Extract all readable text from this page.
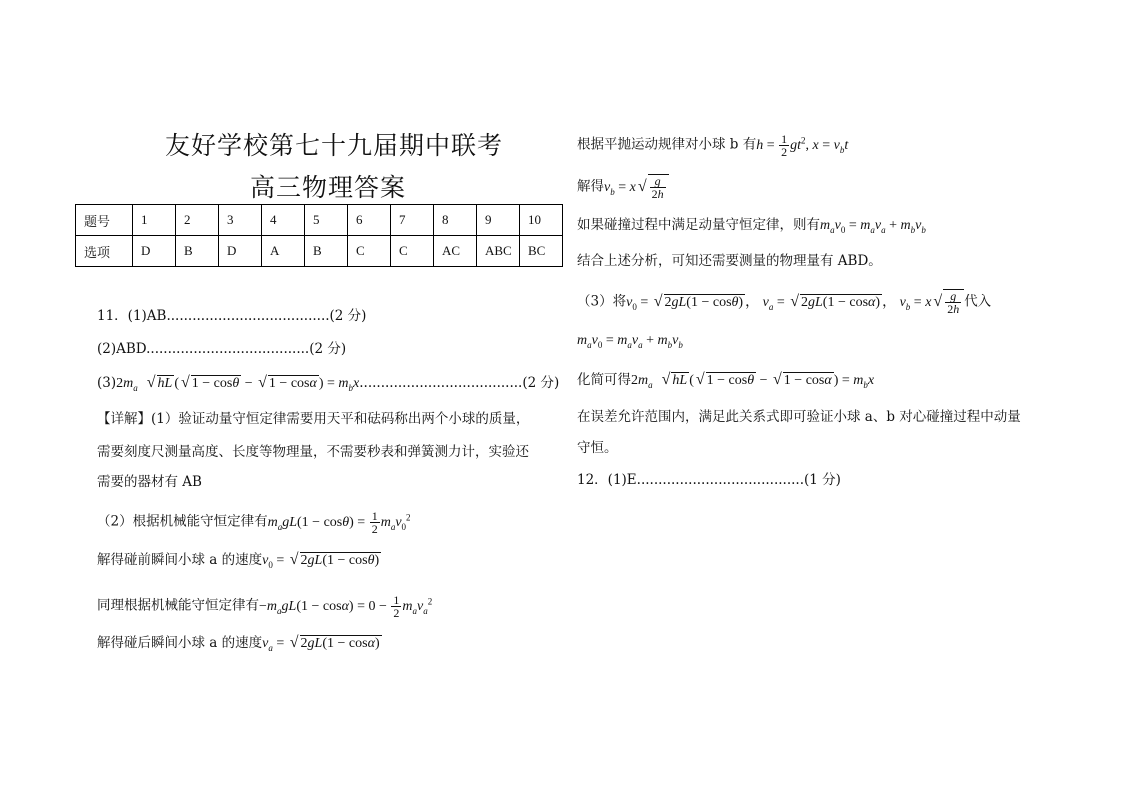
友好学校第七十九届期中联考
高三物理答案
题号	1	2	3	4	5	6	7	8	9	10
选项	D	B	D	A	B	C	C	AC	ABC	BC
11．(1)AB......................................(2 分)
(2)ABD......................................(2 分)
$(3)2m_a$ √ hL ( √ 1 − cosθ − √ 1 − cosα ) = $m_bx......................................(2$ 分)
【详解】(1）验证动量守恒定律需要用天平和砝码称出两个小球的质量，
需要刻度尺测量高度、长度等物理量，不需要秒表和弹簧测力计，实验还
需要的器材有 AB
（2）根据机械能守恒定律有$m_agL(1 - \cos\theta) = \frac{1}{2} m_av_0^2$
解得碰前瞬间小球 a 的速度$v_0$ = √ 2gL(1 − cosθ)
同理根据机械能守恒定律有$-m_agL(1 - \cos\alpha) = 0 - \frac{1}{2} m_av_a^2$
解得碰后瞬间小球 a 的速度$v_a$ = √ 2gL(1 − cosα)
根据平抛运动规律对小球 b 有$h = \frac{1}{2} gt^2$, $x = v_bt$
解得$v_b = x$ √ $\frac{g}{2h}$
如果碰撞过程中满足动量守恒定律，则有$m_av_0 = m_av_a + m_bv_b$
结合上述分析，可知还需要测量的物理量有 ABD。
（3）将$v_0$ = √ 2gL(1 − cosθ) ， $v_a$ = √ 2gL(1 − cosα) ， $v_b = x$ √ $\frac{g}{2h}$ 代入
$m_av_0 = m_av_a + m_bv_b$
化简可得$2m_a$ √ hL ( √ 1 − cosθ − √ 1 − cosα ) = $m_bx$
在误差允许范围内，满足此关系式即可验证小球 a、b 对心碰撞过程中动量
守恒。
12．(1)E.......................................(1 分)
